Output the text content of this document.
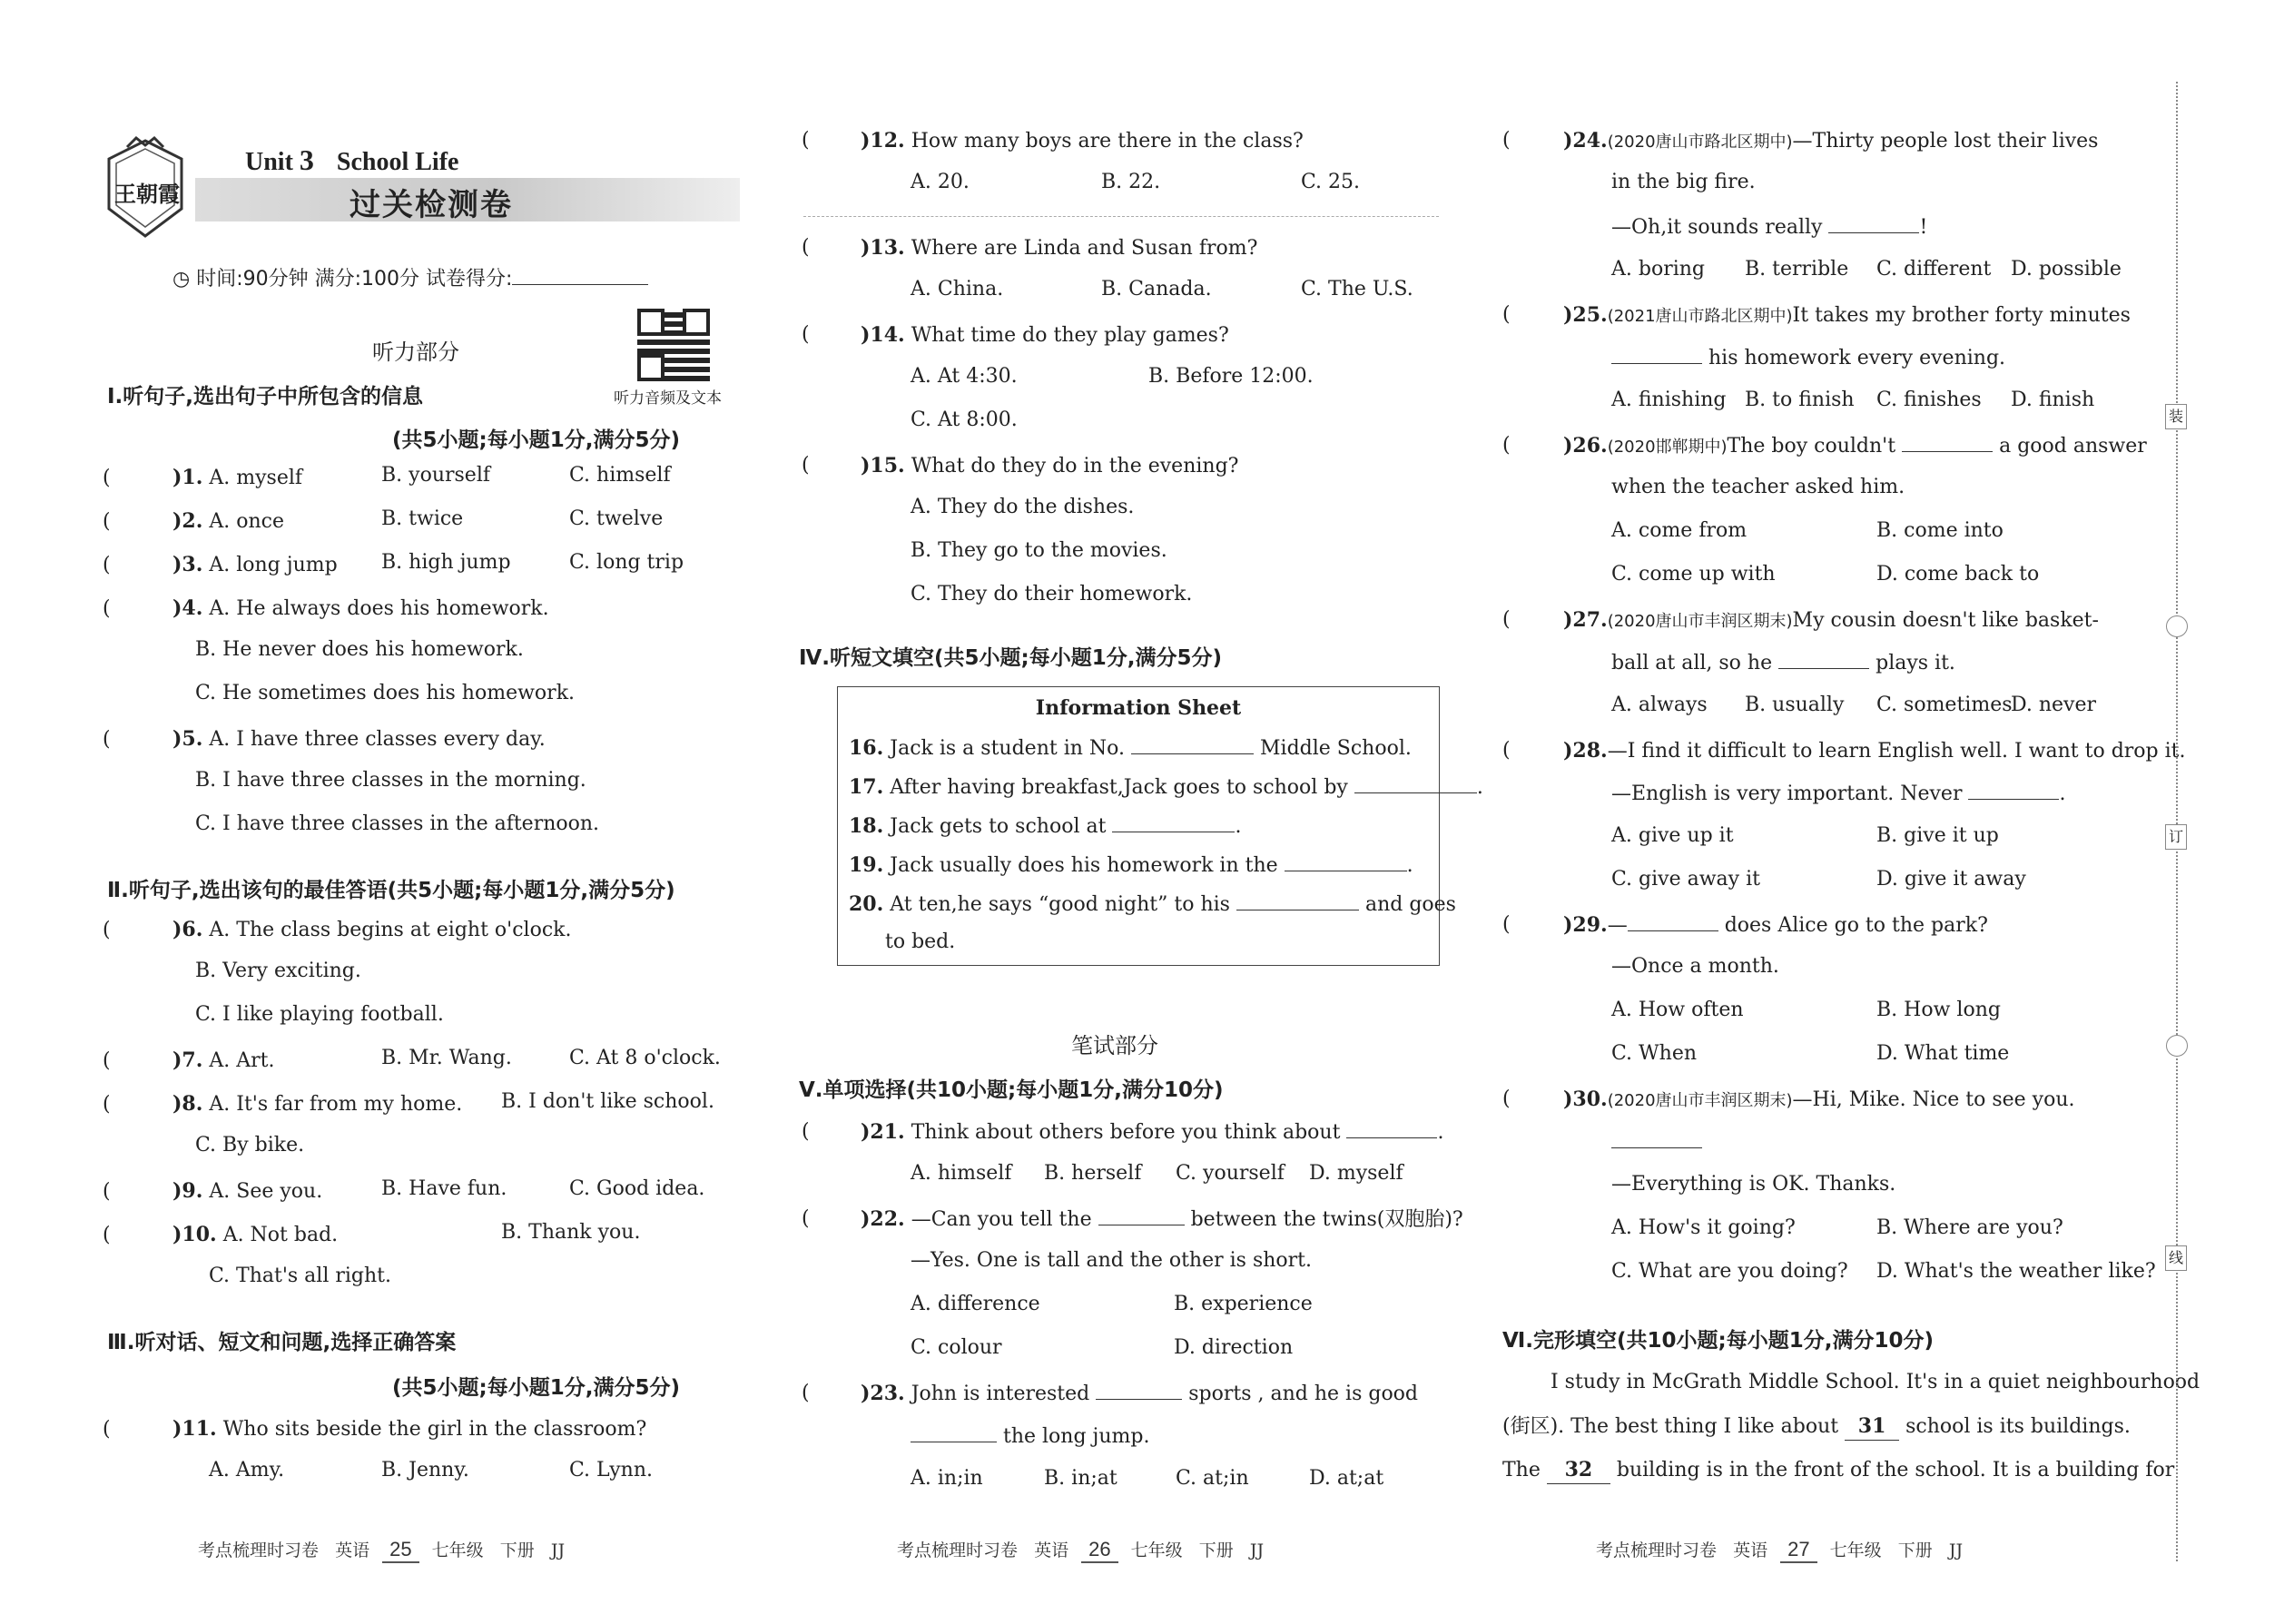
王朝霞
Unit 3 School Life
过关检测卷
◷ 时间:90分钟 满分:100分 试卷得分:
听力音频及文本
听力部分
Ⅰ.听句子,选出句子中所包含的信息
(共5小题;每小题1分,满分5分)
(	)1. A. myself	B. yourself	C. himself
(	)2. A. once	B. twice	C. twelve
(	)3. A. long jump B. high jump	C. long trip
(	)4. A. He always does his homework.
B. He never does his homework.
C. He sometimes does his homework.
(	)5. A. I have three classes every day.
B. I have three classes in the morning.
C. I have three classes in the afternoon.
Ⅱ.听句子,选出该句的最佳答语(共5小题;每小题1分,满分5分)
(	)6. A. The class begins at eight o'clock.
B. Very exciting.
C. I like playing football.
(	)7. A. Art.	B. Mr. Wang.	C. At 8 o'clock.
(	)8. A. It's far from my home. B. I don't like school.
C. By bike.
(	)9. A. See you.	B. Have fun.	C. Good idea.
(	)10. A. Not bad.	B. Thank you.
C. That's all right.
Ⅲ.听对话、短文和问题,选择正确答案
(共5小题;每小题1分,满分5分)
(	)11. Who sits beside the girl in the classroom?
A. Amy.	B. Jenny.	C. Lynn.
(	)12. How many boys are there in the class?
A. 20.	B. 22.	C. 25.
(	)13. Where are Linda and Susan from?
A. China.	B. Canada.	C. The U.S.
(	)14. What time do they play games?
A. At 4:30.	B. Before 12:00.
C. At 8:00.
(	)15. What do they do in the evening?
A. They do the dishes.
B. They go to the movies.
C. They do their homework.
Ⅳ.听短文填空(共5小题;每小题1分,满分5分)
Information Sheet
16. Jack is a student in No.	Middle School.
17. After having breakfast,Jack goes to school by	.
18. Jack gets to school at	.
19. Jack usually does his homework in the	.
20. At ten,he says “good night” to his	and goes
to bed.
笔试部分
Ⅴ.单项选择(共10小题;每小题1分,满分10分)
(	)21. Think about others before you think about	.
A. himself B. herself C. yourself D. myself
(	)22. —Can you tell the	between the twins(双胞胎)?
—Yes. One is tall and the other is short.
A. difference	B. experience
C. colour	D. direction
(	)23. John is interested	sports , and he is good
the long jump.
A. in;in	B. in;at	C. at;in	D. at;at
(	)24.(2020唐山市路北区期中)—Thirty people lost their lives
in the big fire.
—Oh,it sounds really	!
A. boring B. terrible C. different D. possible
(	)25.(2021唐山市路北区期中)It takes my brother forty minutes
his homework every evening.
A. finishing B. to finish C. finishes D. finish
(	)26.(2020邯郸期中)The boy couldn't	a good answer
when the teacher asked him.
A. come from	B. come into
C. come up with	D. come back to
(	)27.(2020唐山市丰润区期末)My cousin doesn't like basket-
ball at all, so he	plays it.
A. always B. usually C. sometimes
D. never
(	)28.—I find it difficult to learn English well. I want to drop it.
—English is very important. Never	.
A. give up it	B. give it up
C. give away it	D. give it away
(	)29.—	does Alice go to the park?
—Once a month.
A. How often	B. How long
C. When	D. What time
(	)30.(2020唐山市丰润区期末)—Hi, Mike. Nice to see you.
—Everything is OK. Thanks.
A. How's it going?	B. Where are you?
C. What are you doing? D. What's the weather like?
Ⅵ.完形填空(共10小题;每小题1分,满分10分)
I study in McGrath Middle School. It's in a quiet neighbourhood
(街区). The best thing I like about 31 school is its buildings.
The 32 building is in the front of the school. It is a building for
考点梳理时习卷 英语 25 七年级 下册 JJ	考点梳理时习卷 英语 26 七年级 下册 JJ	考点梳理时习卷 英语 27 七年级 下册 JJ
装
订
线
